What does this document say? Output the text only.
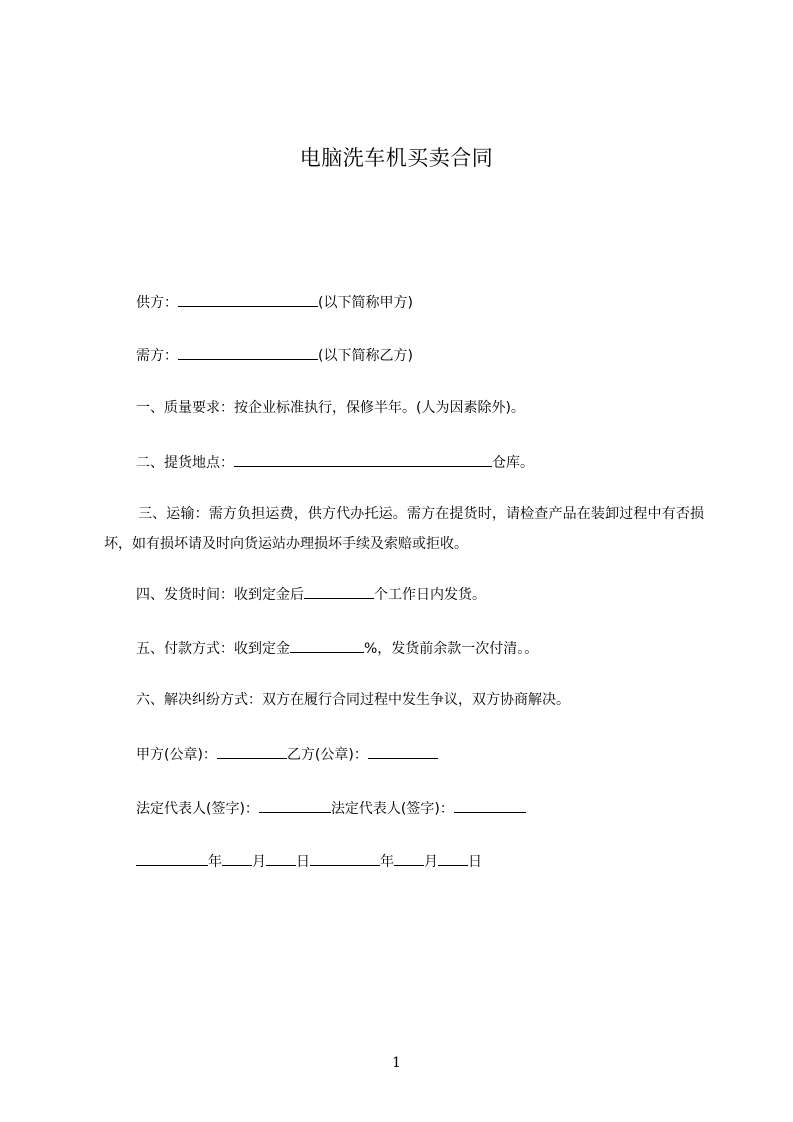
电脑洗车机买卖合同
供方：	(以下简称甲方)
需方：	(以下简称乙方)
一、质量要求：按企业标准执行，保修半年。(人为因素除外)。
二、提货地点：	仓库。
三、运输：需方负担运费，供方代办托运。需方在提货时，请检查产品在装卸过程中有否损坏，如有损坏请及时向货运站办理损坏手续及索赔或拒收。
四、发货时间：收到定金后	个工作日内发货。
五、付款方式：收到定金	%，发货前余款一次付清。。
六、解决纠纷方式：双方在履行合同过程中发生争议，双方协商解决。
甲方(公章)：	乙方(公章)：
法定代表人(签字)：	法定代表人(签字)：
年 月 日	年 月 日
1
